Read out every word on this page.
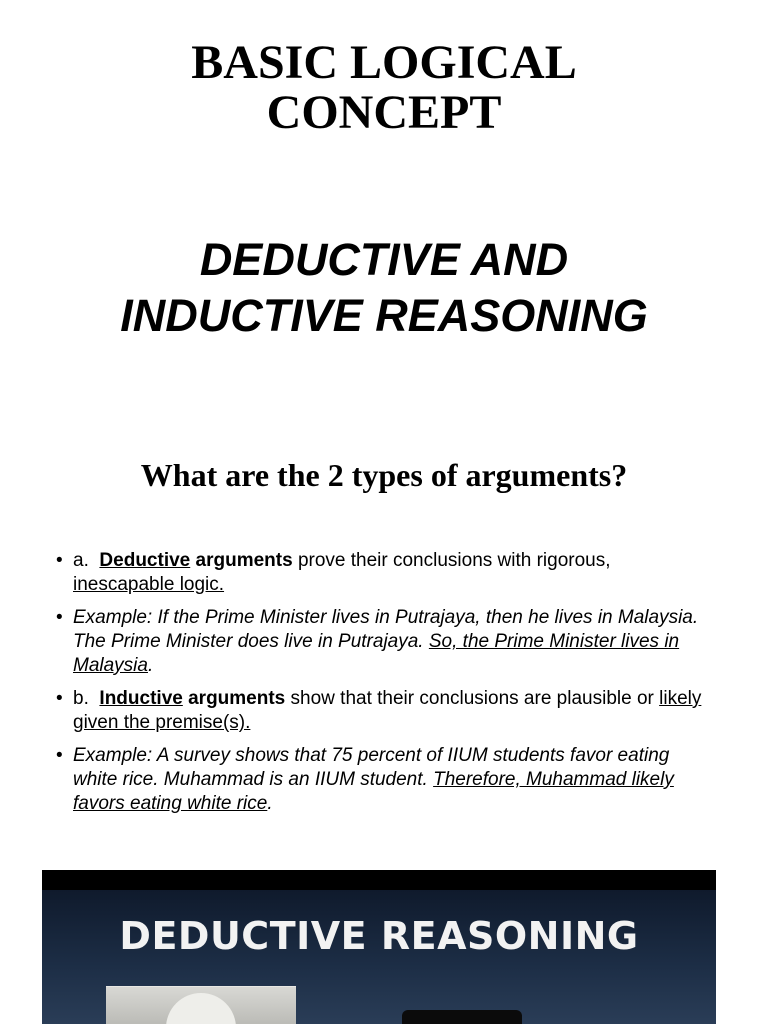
BASIC LOGICAL
CONCEPT
DEDUCTIVE AND
INDUCTIVE REASONING
What are the 2 types of arguments?
• a. Deductive arguments prove their conclusions with rigorous, inescapable logic.
• Example: If the Prime Minister lives in Putrajaya, then he lives in Malaysia. The Prime Minister does live in Putrajaya. So, the Prime Minister lives in Malaysia.
• b. Inductive arguments show that their conclusions are plausible or likely given the premise(s).
• Example: A survey shows that 75 percent of IIUM students favor eating white rice. Muhammad is an IIUM student. Therefore, Muhammad likely favors eating white rice.
DEDUCTIVE REASONING
